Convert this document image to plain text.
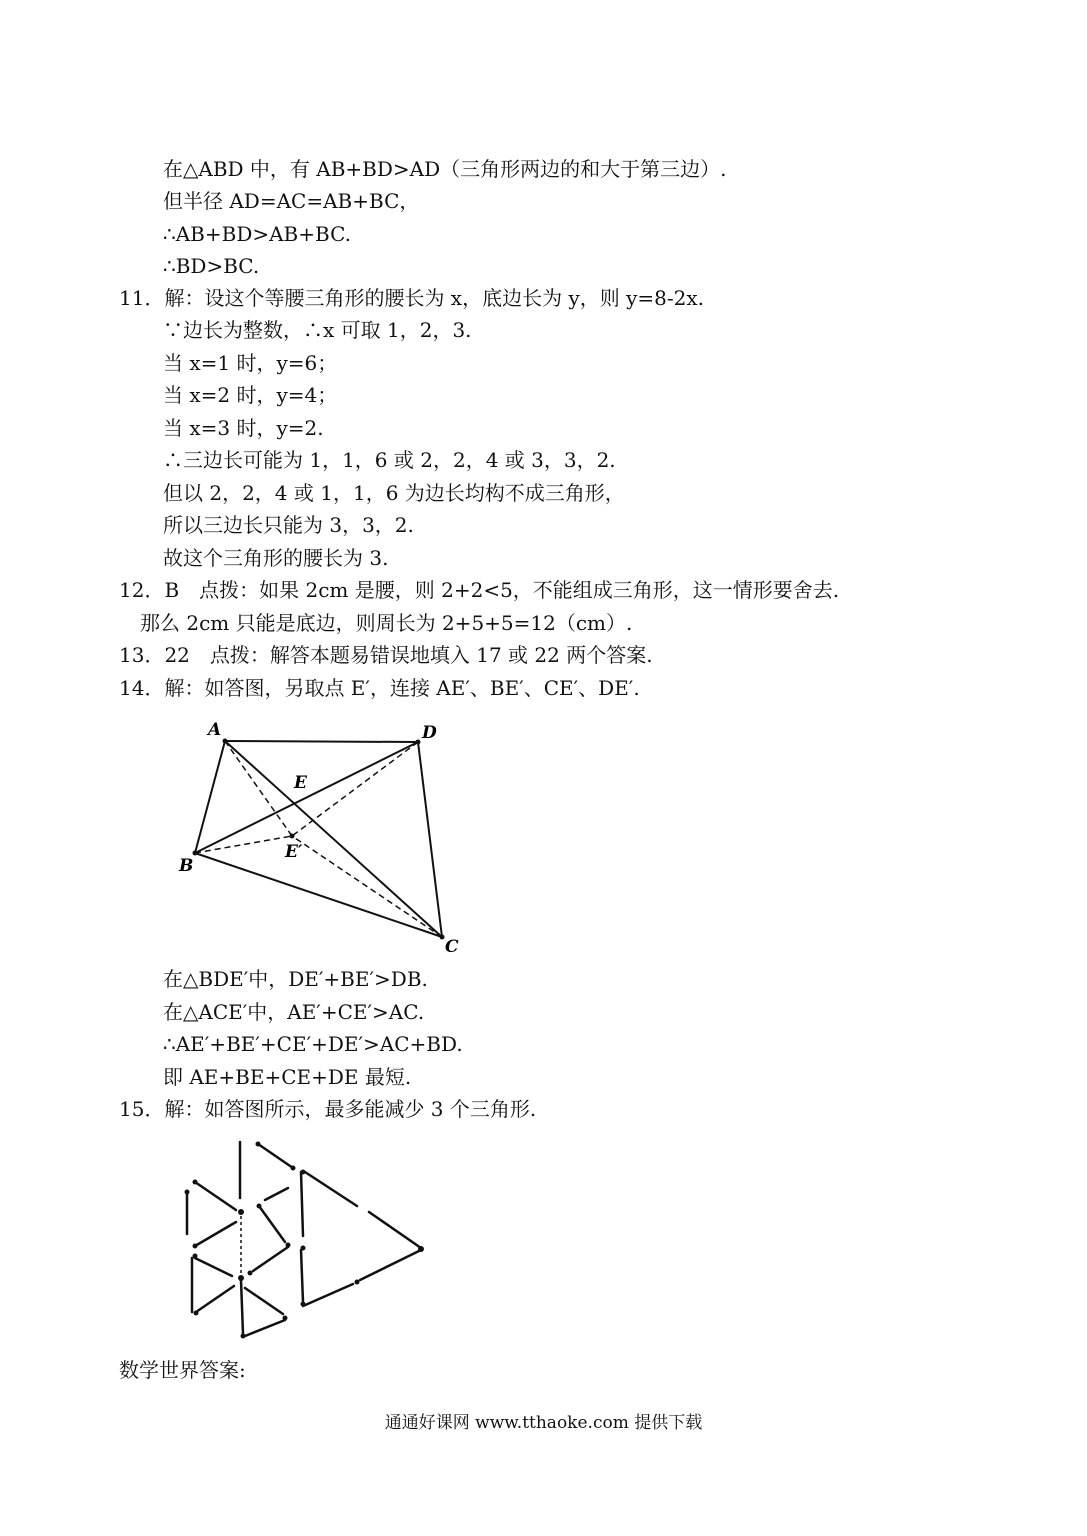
在△ABD 中，有 AB+BD>AD（三角形两边的和大于第三边）.
但半径 AD=AC=AB+BC，
∴AB+BD>AB+BC.
∴BD>BC.
11．解：设这个等腰三角形的腰长为 x，底边长为 y，则 y=8-2x.
∵边长为整数，∴x 可取 1，2，3.
当 x=1 时，y=6；
当 x=2 时，y=4；
当 x=3 时，y=2.
∴三边长可能为 1，1，6 或 2，2，4 或 3，3，2.
但以 2，2，4 或 1，1，6 为边长均构不成三角形，
所以三边长只能为 3，3，2.
故这个三角形的腰长为 3.
12．B　点拨：如果 2cm 是腰，则 2+2<5，不能组成三角形，这一情形要舍去.
那么 2cm 只能是底边，则周长为 2+5+5=12（cm）.
13．22　点拨：解答本题易错误地填入 17 或 22 两个答案.
14．解：如答图，另取点 E′，连接 AE′、BE′、CE′、DE′.
A	D
E
E′
B
C
在△BDE′中，DE′+BE′>DB.
在△ACE′中，AE′+CE′>AC.
∴AE′+BE′+CE′+DE′>AC+BD.
即 AE+BE+CE+DE 最短.
15．解：如答图所示，最多能减少 3 个三角形.
数学世界答案:
通通好课网 www.tthaoke.com 提供下载
